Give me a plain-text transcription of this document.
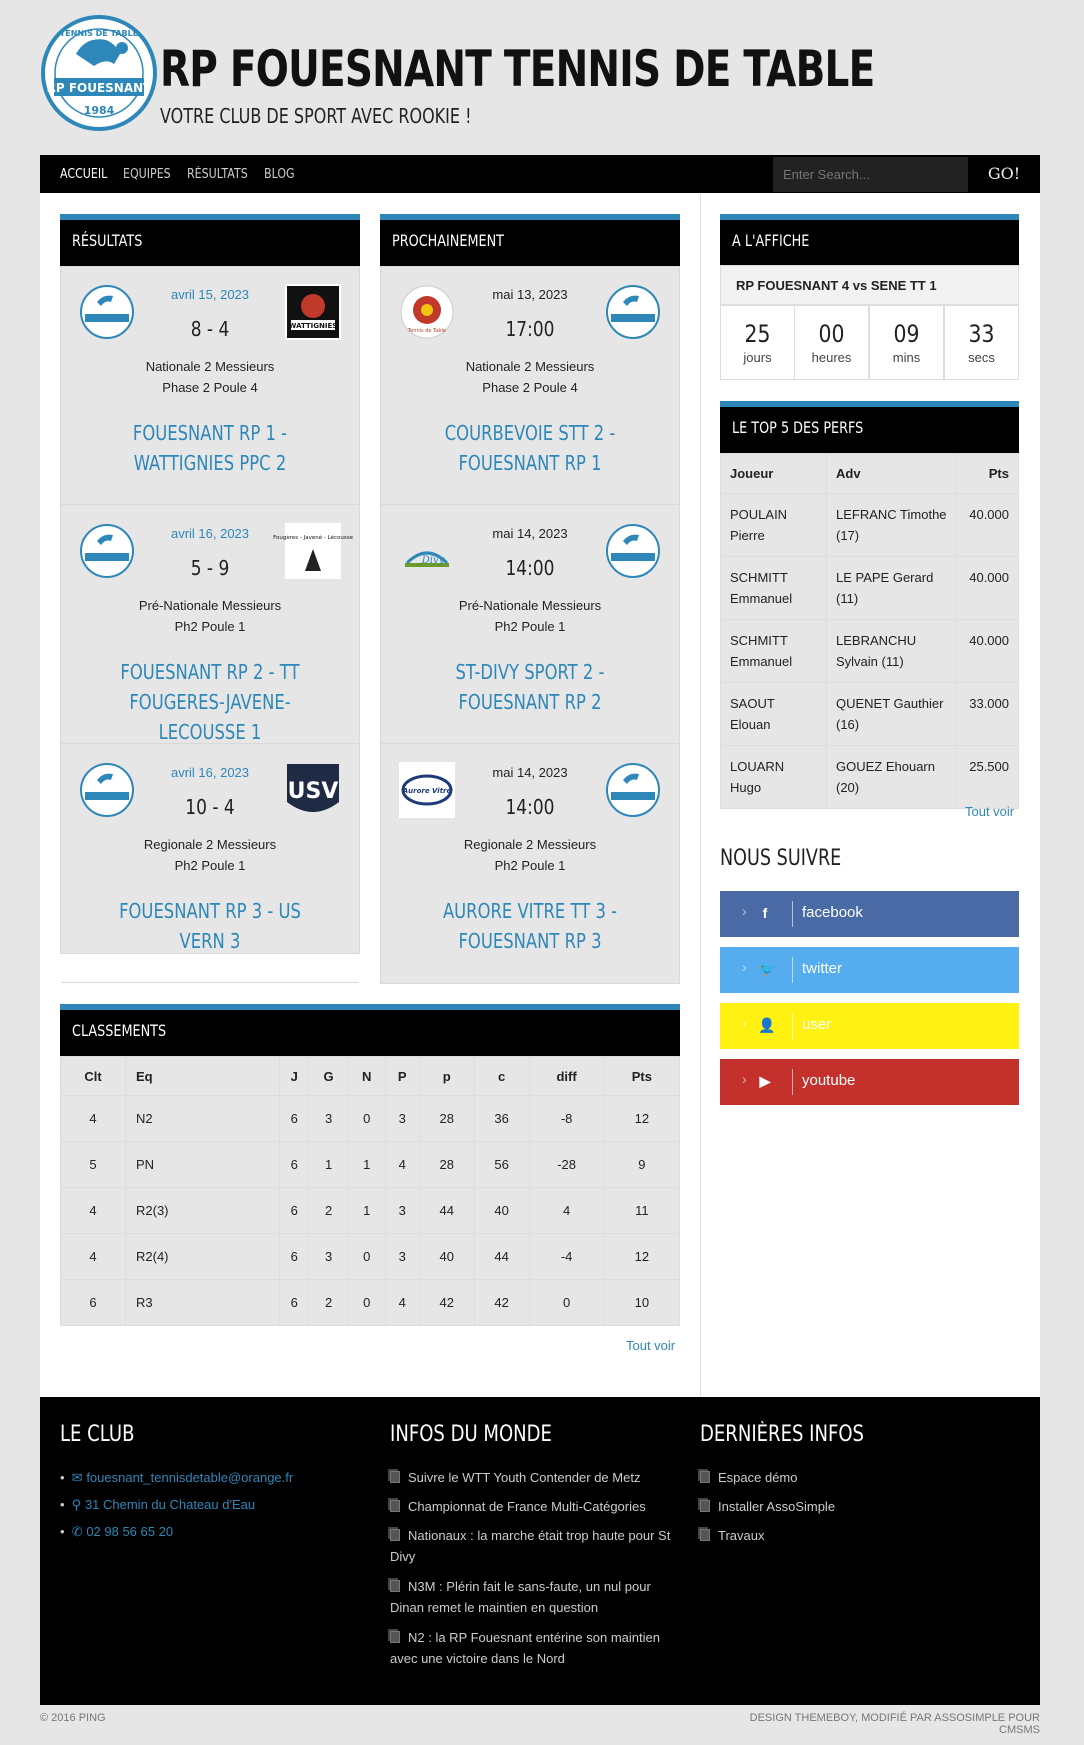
RP FOUESNANT
TENNIS DE TABLE
1984
RP FOUESNANT TENNIS DE TABLE
VOTRE CLUB DE SPORT AVEC ROOKIE !
ACCUEIL EQUIPES RÉSULTATS BLOG
Enter Search...	GO!
RÉSULTATS
avril 15, 2023
8 - 4
Nationale 2 Messieurs Phase 2 Poule 4
FOUESNANT RP 1 - WATTIGNIES PPC 2
WATTIGNIES
avril 16, 2023
5 - 9
Pré-Nationale Messieurs Ph2 Poule 1
FOUESNANT RP 2 - TT FOUGERES-JAVENE-LECOUSSE 1
Fougères - Javené - Lécousse
avril 16, 2023
10 - 4
Regionale 2 Messieurs Ph2 Poule 1
FOUESNANT RP 3 - US VERN 3
USV
PROCHAINEMENT
Tennis de Table
mai 13, 2023
17:00
Nationale 2 Messieurs Phase 2 Poule 4
COURBEVOIE STT 2 - FOUESNANT RP 1
Divy
mai 14, 2023
14:00
Pré-Nationale Messieurs Ph2 Poule 1
ST-DIVY SPORT 2 - FOUESNANT RP 2
Aurore Vitré
mai 14, 2023
14:00
Regionale 2 Messieurs Ph2 Poule 1
AURORE VITRE TT 3 - FOUESNANT RP 3
CLASSEMENTS
Clt	Eq	J	G	N	P	p	c	diff	Pts
4	N2	6	3	0	3	28	36	-8	12
5	PN	6	1	1	4	28	56	-28	9
4	R2(3)	6	2	1	3	44	40	4	11
4	R2(4)	6	3	0	3	40	44	-4	12
6	R3	6	2	0	4	42	42	0	10
Tout voir
A L'AFFICHE
RP FOUESNANT 4 vs SENE TT 1
25
jours
00
heures
09
mins
33
secs
LE TOP 5 DES PERFS
Joueur	Adv	Pts
POULAIN Pierre	LEFRANC Timothe (17)	40.000
SCHMITT Emmanuel	LE PAPE Gerard (11)	40.000
SCHMITT Emmanuel	LEBRANCHU Sylvain (11)	40.000
SAOUT Elouan	QUENET Gauthier (16)	33.000
LOUARN Hugo	GOUEZ Ehouarn (20)	25.500
Tout voir
NOUS SUIVRE
›	f	facebook
› 🐦 twitter
› 👤 user
› ▶ youtube
LE CLUB
•  ✉ fouesnant_tennisdetable@orange.fr
•  ⚲ 31 Chemin du Chateau d'Eau
•  ✆ 02 98 56 65 20
INFOS DU MONDE
Suivre le WTT Youth Contender de Metz
Championnat de France Multi-Catégories
Nationaux : la marche était trop haute pour St Divy
N3M : Plérin fait le sans-faute, un nul pour Dinan remet le maintien en question
N2 : la RP Fouesnant entérine son maintien avec une victoire dans le Nord
DERNIÈRES INFOS
Espace démo
Installer AssoSimple
Travaux
© 2016 PING	DESIGN THEMEBOY, MODIFIÉ PAR ASSOSIMPLE POUR CMSMS
